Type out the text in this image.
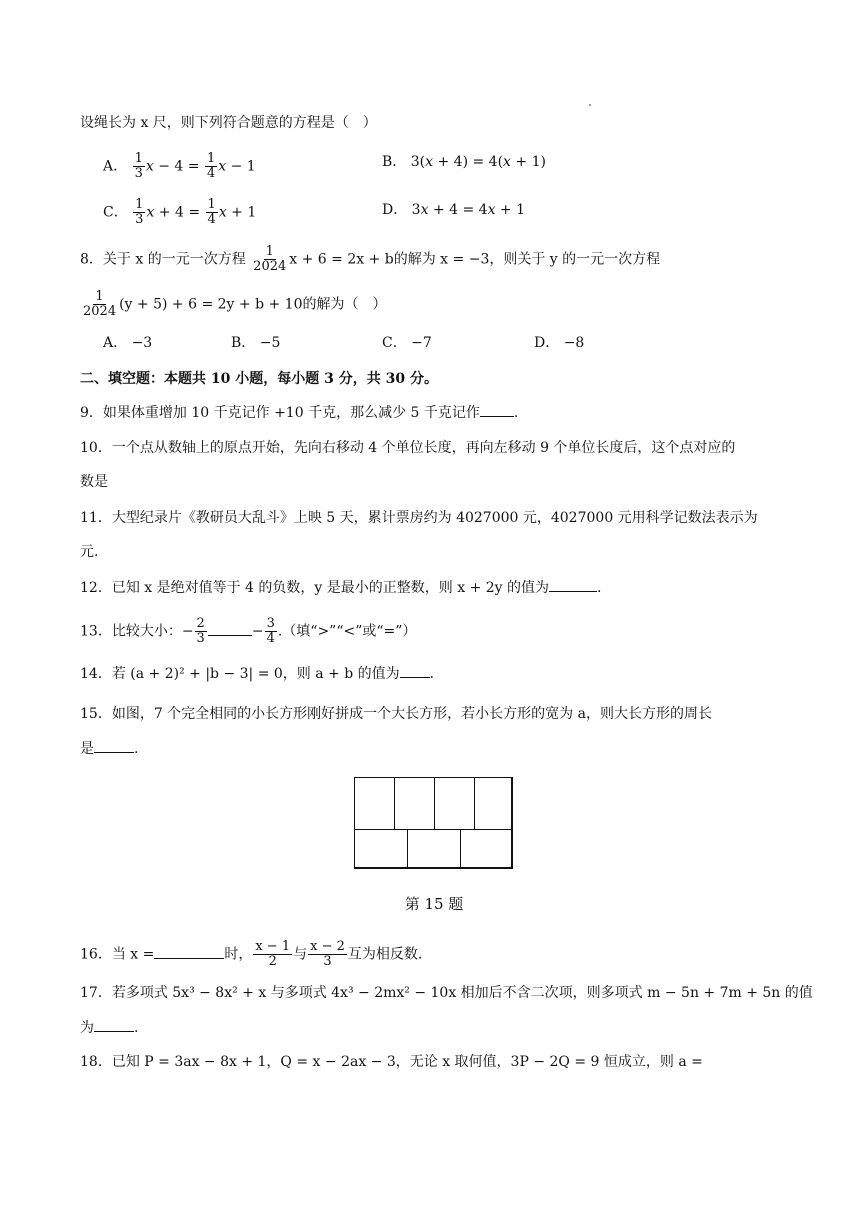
设绳长为 x 尺，则下列符合题意的方程是（　）
A． $\frac{1}{3}$ $x - 4 = \frac{1}{4}$ x − 1	B． 3(x + 4) = 4(x + 1)
C． $\frac{1}{3}$ $x + 4 = \frac{1}{4}$ x + 1	D． 3x + 4 = 4x + 1
8．关于 x 的一元一次方程 $\frac{1}{2024}$ x + 6 = 2x + b的解为 x = −3，则关于 y 的一元一次方程
$\frac{1}{2024} (y + 5) + 6 = 2y + b + 10$的解为（　）
A． −3	B． −5	C． −7	D． −8
二、填空题：本题共 10 小题，每小题 3 分，共 30 分。
9．如果体重增加 10 千克记作 +10 千克，那么减少 5 千克记作 .
10．一个点从数轴上的原点开始，先向右移动 4 个单位长度，再向左移动 9 个单位长度后，这个点对应的
数是
11．大型纪录片《教研员大乱斗》上映 5 天，累计票房约为 4027000 元，4027000 元用科学记数法表示为
元.
12．已知 x 是绝对值等于 4 的负数，y 是最小的正整数，则 x + 2y 的值为	.
13．比较大小：− $\frac{2}{3}$	− $\frac{3}{4}$ .（填“>”“<”或“=”）
14．若 (a + 2)² + |b − 3| = 0，则 a + b 的值为 .
15．如图，7 个完全相同的小长方形刚好拼成一个大长方形，若小长方形的宽为 a，则大长方形的周长
是	.
第 15 题
16．当 x =	时， $\frac{x - 1}{2}$ 与 $\frac{x - 2}{3}$ 互为相反数.
17．若多项式 5x³ − 8x² + x 与多项式 4x³ − 2mx² − 10x 相加后不含二次项，则多项式 m − 5n + 7m + 5n 的值
为	.
18．已知 P = 3ax − 8x + 1，Q = x − 2ax − 3，无论 x 取何值，3P − 2Q = 9 恒成立，则 a =
